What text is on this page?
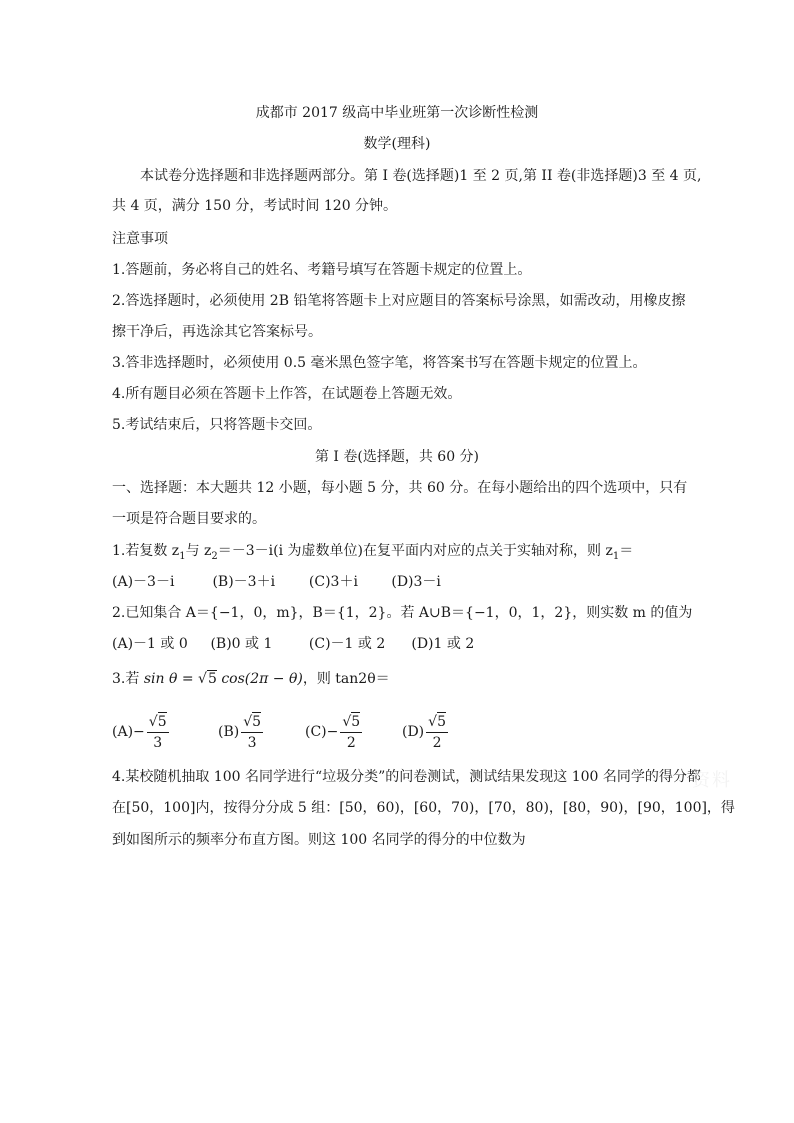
成都市 2017 级高中毕业班第一次诊断性检测
数学(理科)
本试卷分选择题和非选择题两部分。第 I 卷(选择题)1 至 2 页,第 II 卷(非选择题)3 至 4 页,
共 4 页，满分 150 分，考试时间 120 分钟。
注意事项
1.答题前，务必将自己的姓名、考籍号填写在答题卡规定的位置上。
2.答选择题时，必须使用 2B 铅笔将答题卡上对应题目的答案标号涂黑，如需改动，用橡皮擦
擦干净后，再选涂其它答案标号。
3.答非选择题时，必须使用 0.5 毫米黑色签字笔，将答案书写在答题卡规定的位置上。
4.所有题目必须在答题卡上作答，在试题卷上答题无效。
5.考试结束后，只将答题卡交回。
第 I 卷(选择题，共 60 分)
一、选择题：本大题共 12 小题，每小题 5 分，共 60 分。在每小题给出的四个选项中，只有
一项是符合题目要求的。
1.若复数 $z_1$与 $z_2=-3-i(i$ 为虚数单位)在复平面内对应的点关于实轴对称，则 $z_1=$
(A)－3－i	(B)－3＋i (C)3＋i (D)3－i
2.已知集合 A＝{−1，0，m}，B＝{1，2}。若 A∪B＝{−1，0，1，2}，则实数 m 的值为
(A)－1 或 0 (B)0 或 1	(C)－1 或 2 (D)1 或 2
3.若 sin θ = √5 cos(2π − θ)，则 tan2θ＝
$(A) - \frac{√5}{3}$	$(B) \frac{√5}{3}$	$(C) - \frac{√5}{2}$	$(D) \frac{√5}{2}$
4.某校随机抽取 100 名同学进行“垃圾分类”的问卷测试，测试结果发现这 100 名同学的得分都
在[50，100]内，按得分分成 5 组：[50，60)，[60，70)，[70，80)，[80，90)，[90，100]，得
到如图所示的频率分布直方图。则这 100 名同学的得分的中位数为
资料
